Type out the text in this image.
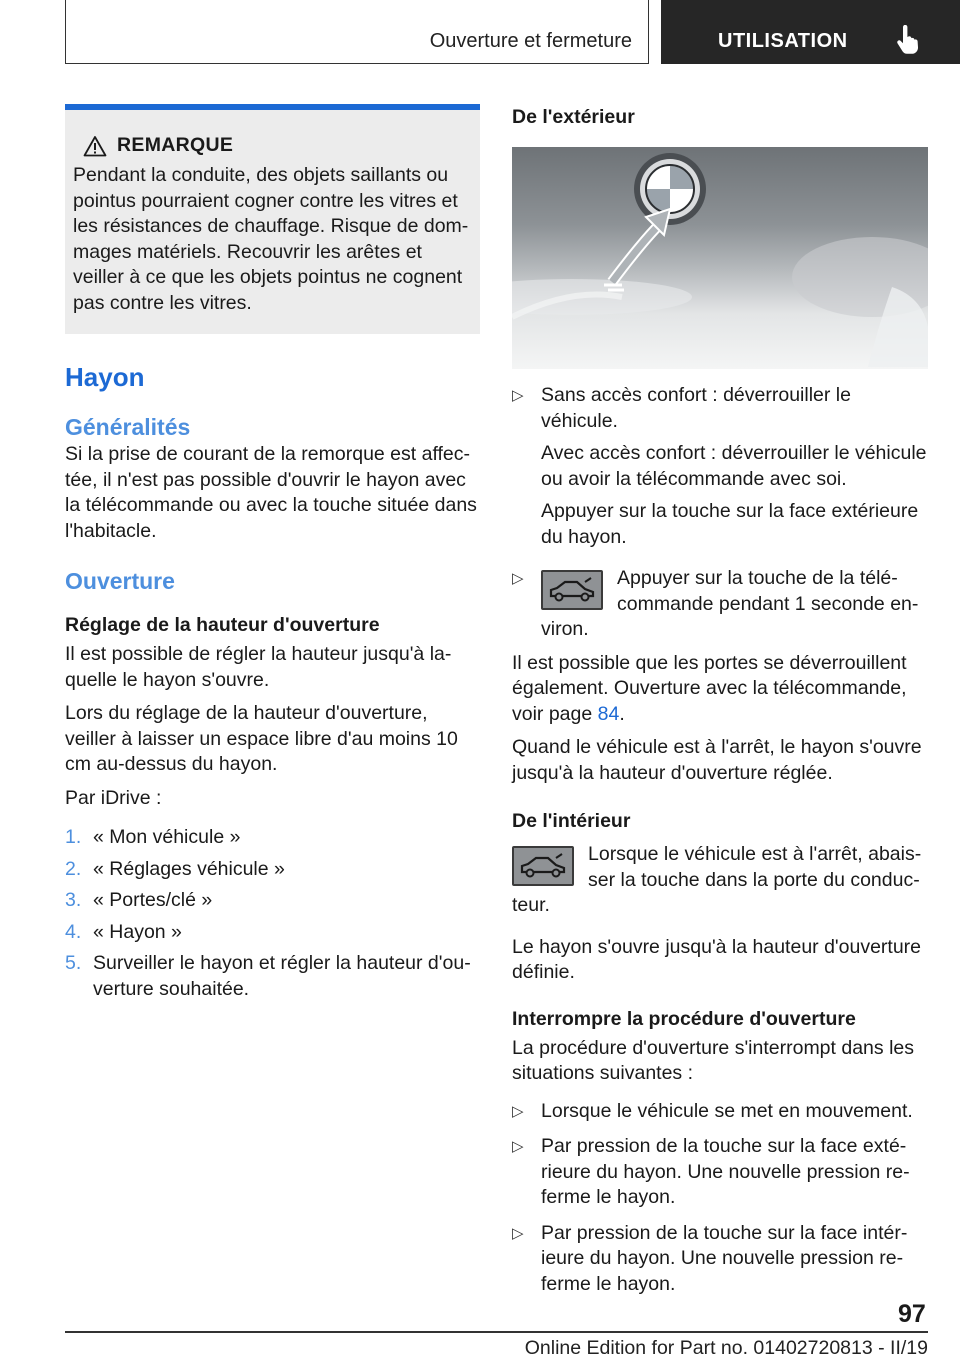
Ouverture et fermeture	UTILISATION
REMARQUE

Pendant la conduite, des objets saillants ou pointus pourraient cogner contre les vitres et les résistances de chauffage. Risque de dommages matériels. Recouvrir les arêtes et veiller à ce que les objets pointus ne cognent pas contre les vitres.

Hayon
Généralités

Si la prise de courant de la remorque est affectée, il n'est pas possible d'ouvrir le hayon avec la télécommande ou avec la touche située dans l'habitacle.

Ouverture
Réglage de la hauteur d'ouverture

Il est possible de régler la hauteur jusqu'à laquelle le hayon s'ouvre.

Lors du réglage de la hauteur d'ouverture, veiller à laisser un espace libre d'au moins 10 cm au-dessus du hayon.

Par iDrive :

1. « Mon véhicule »

2. « Réglages véhicule »

3. « Portes/clé »

4. « Hayon »

5. Surveiller le hayon et régler la hauteur d'ouverture souhaitée.

De l'extérieur
▷ Sans accès confort : déverrouiller le véhicule.

Avec accès confort : déverrouiller le véhicule ou avoir la télécommande avec soi.

Appuyer sur la touche sur la face extérieure du hayon.

▷	Appuyer sur la touche de la télécommande pendant 1 seconde environ.

Il est possible que les portes se déverrouillent également. Ouverture avec la télécommande, voir page 84.

Quand le véhicule est à l'arrêt, le hayon s'ouvre jusqu'à la hauteur d'ouverture réglée.

De l'intérieur

Lorsque le véhicule est à l'arrêt, abaisser la touche dans la porte du conducteur.

Le hayon s'ouvre jusqu'à la hauteur d'ouverture définie.

Interrompre la procédure d'ouverture

La procédure d'ouverture s'interrompt dans les situations suivantes :

▷ Lorsque le véhicule se met en mouvement.

▷ Par pression de la touche sur la face extérieure du hayon. Une nouvelle pression referme le hayon.

▷ Par pression de la touche sur la face intérieure du hayon. Une nouvelle pression referme le hayon.

97
Online Edition for Part no. 01402720813 - II/19
